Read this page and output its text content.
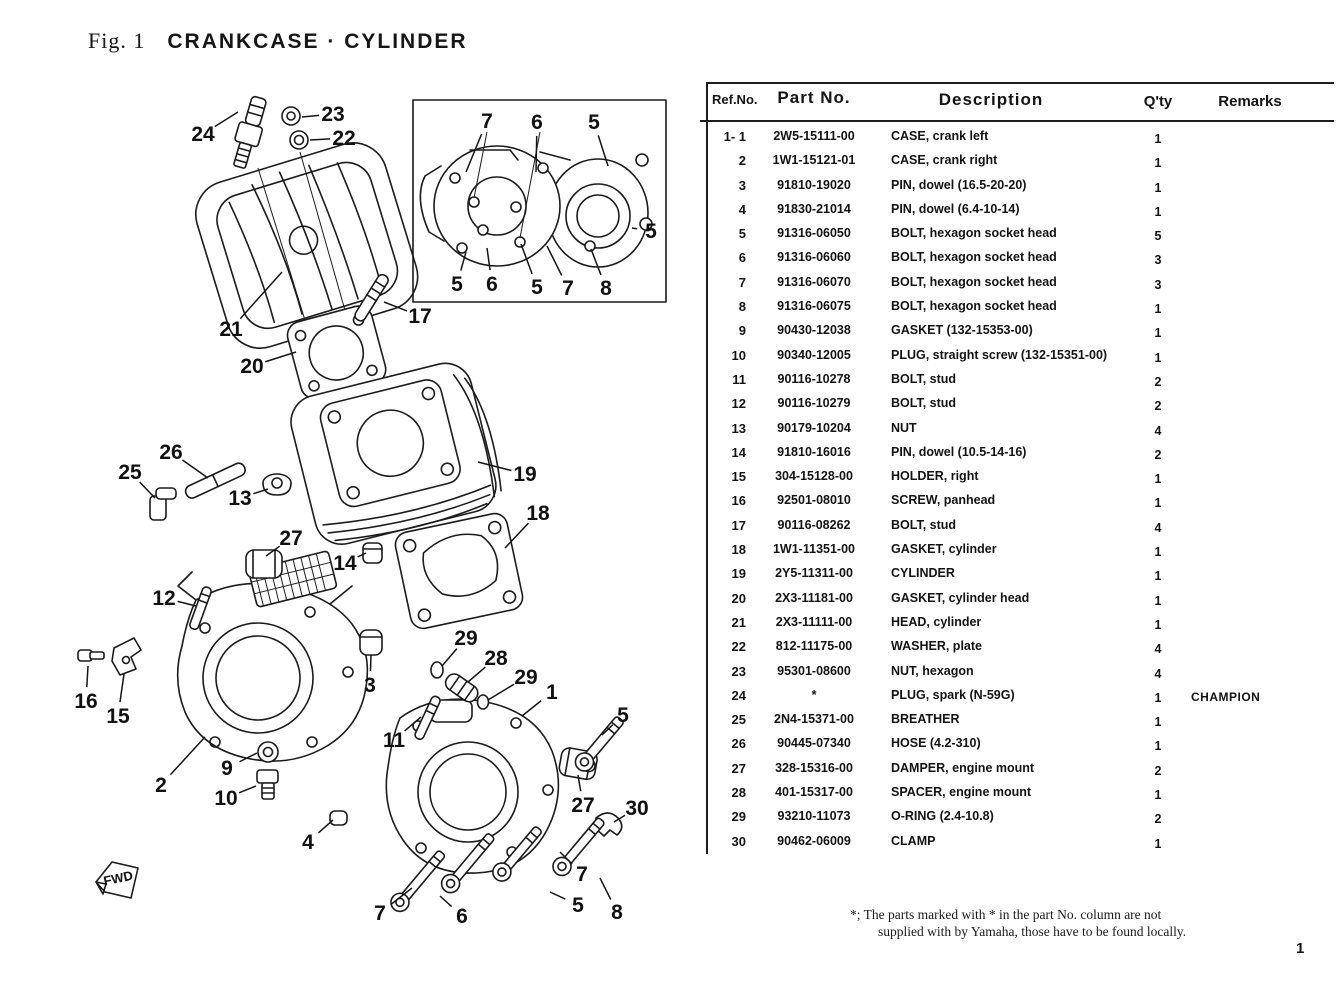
Fig. 1 CRANKCASE · CYLINDER
FWD
24
23
22
21
20
17
19
18
26
25
13
27
12
14
16
15
2
9
10
3
11
4
29
28
29
1
5
27 30
7
5 8
6
7
7 6 5
5
5 6 5 7 8
Ref.No.	Part No.	Description	Q'ty	Remarks
1- 1	2W5-15111-00	CASE, crank left	1
2	1W1-15121-01	CASE, crank right	1
3	91810-19020	PIN, dowel (16.5-20-20)	1
4	91830-21014	PIN, dowel (6.4-10-14)	1
5	91316-06050	BOLT, hexagon socket head	5
6	91316-06060	BOLT, hexagon socket head	3
7	91316-06070	BOLT, hexagon socket head	3
8	91316-06075	BOLT, hexagon socket head	1
9	90430-12038	GASKET (132-15353-00)	1
10	90340-12005	PLUG, straight screw (132-15351-00)	1
11	90116-10278	BOLT, stud	2
12	90116-10279	BOLT, stud	2
13	90179-10204	NUT	4
14	91810-16016	PIN, dowel (10.5-14-16)	2
15	304-15128-00	HOLDER, right	1
16	92501-08010	SCREW, panhead	1
17	90116-08262	BOLT, stud	4
18	1W1-11351-00	GASKET, cylinder	1
19	2Y5-11311-00	CYLINDER	1
20	2X3-11181-00	GASKET, cylinder head	1
21	2X3-11111-00	HEAD, cylinder	1
22	812-11175-00	WASHER, plate	4
23	95301-08600	NUT, hexagon	4
24	*	PLUG, spark (N-59G)	1	CHAMPION
25	2N4-15371-00	BREATHER	1
26	90445-07340	HOSE (4.2-310)	1
27	328-15316-00	DAMPER, engine mount	2
28	401-15317-00	SPACER, engine mount	1
29	93210-11073	O-RING (2.4-10.8)	2
30	90462-06009	CLAMP	1
*; The parts marked with * in the part No. column are not
supplied with by Yamaha, those have to be found locally.
1
